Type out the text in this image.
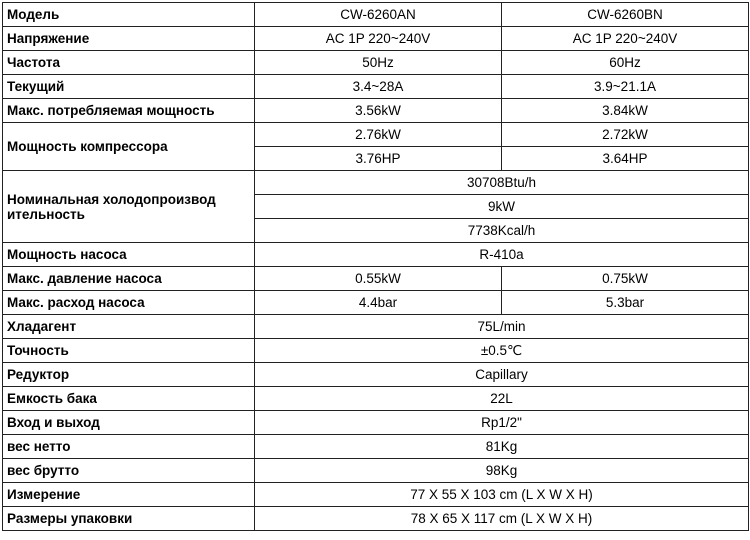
Модель	CW-6260AN	CW-6260BN
Напряжение	AC 1P 220~240V	AC 1P 220~240V
Частота	50Hz	60Hz
Текущий	3.4~28A	3.9~21.1A
Макс. потребляемая мощность	3.56kW	3.84kW
Мощность компрессора	2.76kW	2.72kW
	3.76HP	3.64HP
Номинальная холодопроизвод ительность	30708Btu/h	
	9kW	
	7738Kcal/h	
Мощность насоса	R-410a	
Макс. давление насоса	0.55kW	0.75kW
Макс. расход насоса	4.4bar	5.3bar
Хладагент	75L/min	
Точность	±0.5℃	
Редуктор	Capillary	
Емкость бака	22L	
Вход и выход	Rp1/2"	
вес нетто	81Kg	
вес брутто	98Kg	
Измерение	77 X 55 X 103 cm (L X W X H)	
Размеры упаковки	78 X 65 X 117 cm (L X W X H)	
